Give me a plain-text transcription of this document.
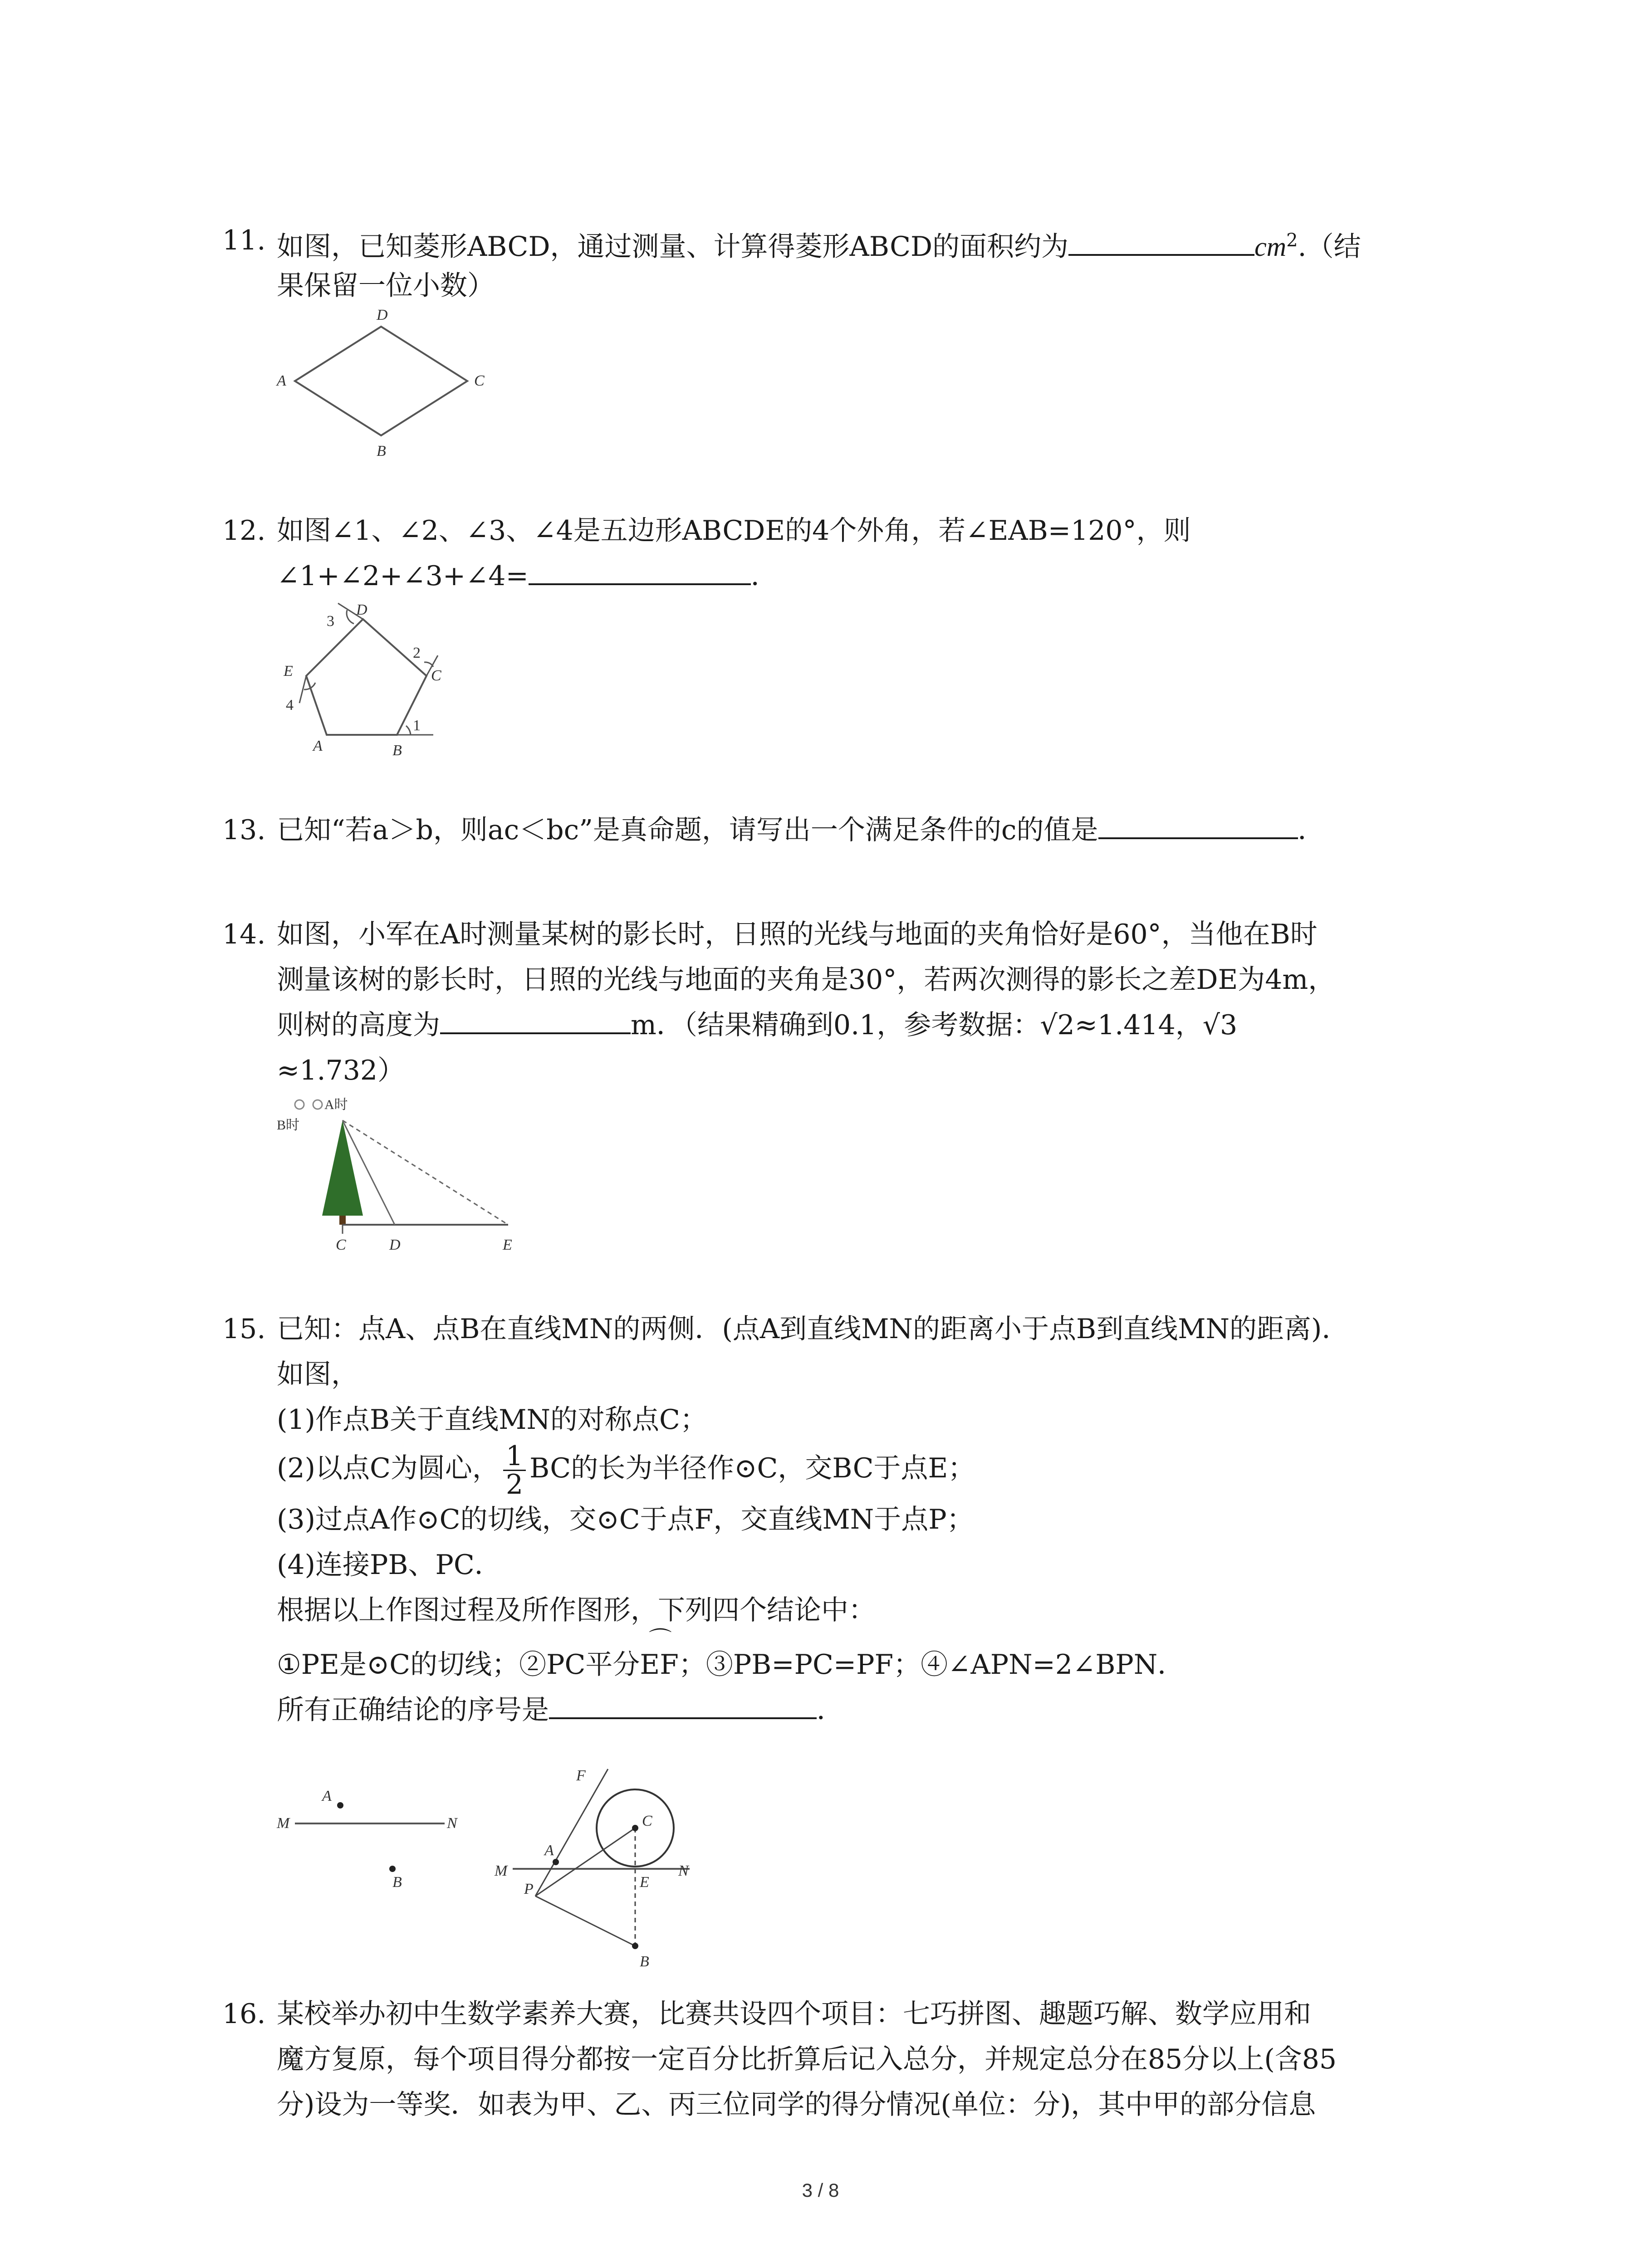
11. 如图，已知菱形ABCD，通过测量、计算得菱形ABCD的面积约为	$cm^2$.（结
果保留一位小数）
A
B
C
D
12. 如图∠1、∠2、∠3、∠4是五边形ABCDE的4个外角，若∠EAB=120°，则
∠1+∠2+∠3+∠4=	．
A	B
C
D
E
1
2
3
4
13. 已知“若a＞b，则ac＜bc”是真命题，请写出一个满足条件的c的值是	．
14. 如图，小军在A时测量某树的影长时，日照的光线与地面的夹角恰好是60°，当他在B时
测量该树的影长时，日照的光线与地面的夹角是30°，若两次测得的影长之差DE为4m，
则树的高度为	m．（结果精确到0.1，参考数据：√2≈1.414，√3
≈1.732）
A时
B时
C	D	E
15. 已知：点A、点B在直线MN的两侧．(点A到直线MN的距离小于点B到直线MN的距离)．
如图，
(1)作点B关于直线MN的对称点C；
(2)以点C为圆心， $\frac{1}{2}$ BC的长为半径作⊙C，交BC于点E；
(3)过点A作⊙C的切线，交⊙C于点F，交直线MN于点P；
(4)连接PB、PC．
根据以上作图过程及所作图形，下列四个结论中：
①PE是⊙C的切线；②PC平分⌒ EF；③PB=PC=PF；④∠APN=2∠BPN．
所有正确结论的序号是	．
M	N
A
B
A
B
C
E
F
M	N
P
16. 某校举办初中生数学素养大赛，比赛共设四个项目：七巧拼图、趣题巧解、数学应用和
魔方复原，每个项目得分都按一定百分比折算后记入总分，并规定总分在85分以上(含85
分)设为一等奖．如表为甲、乙、丙三位同学的得分情况(单位：分)，其中甲的部分信息
3 / 8
